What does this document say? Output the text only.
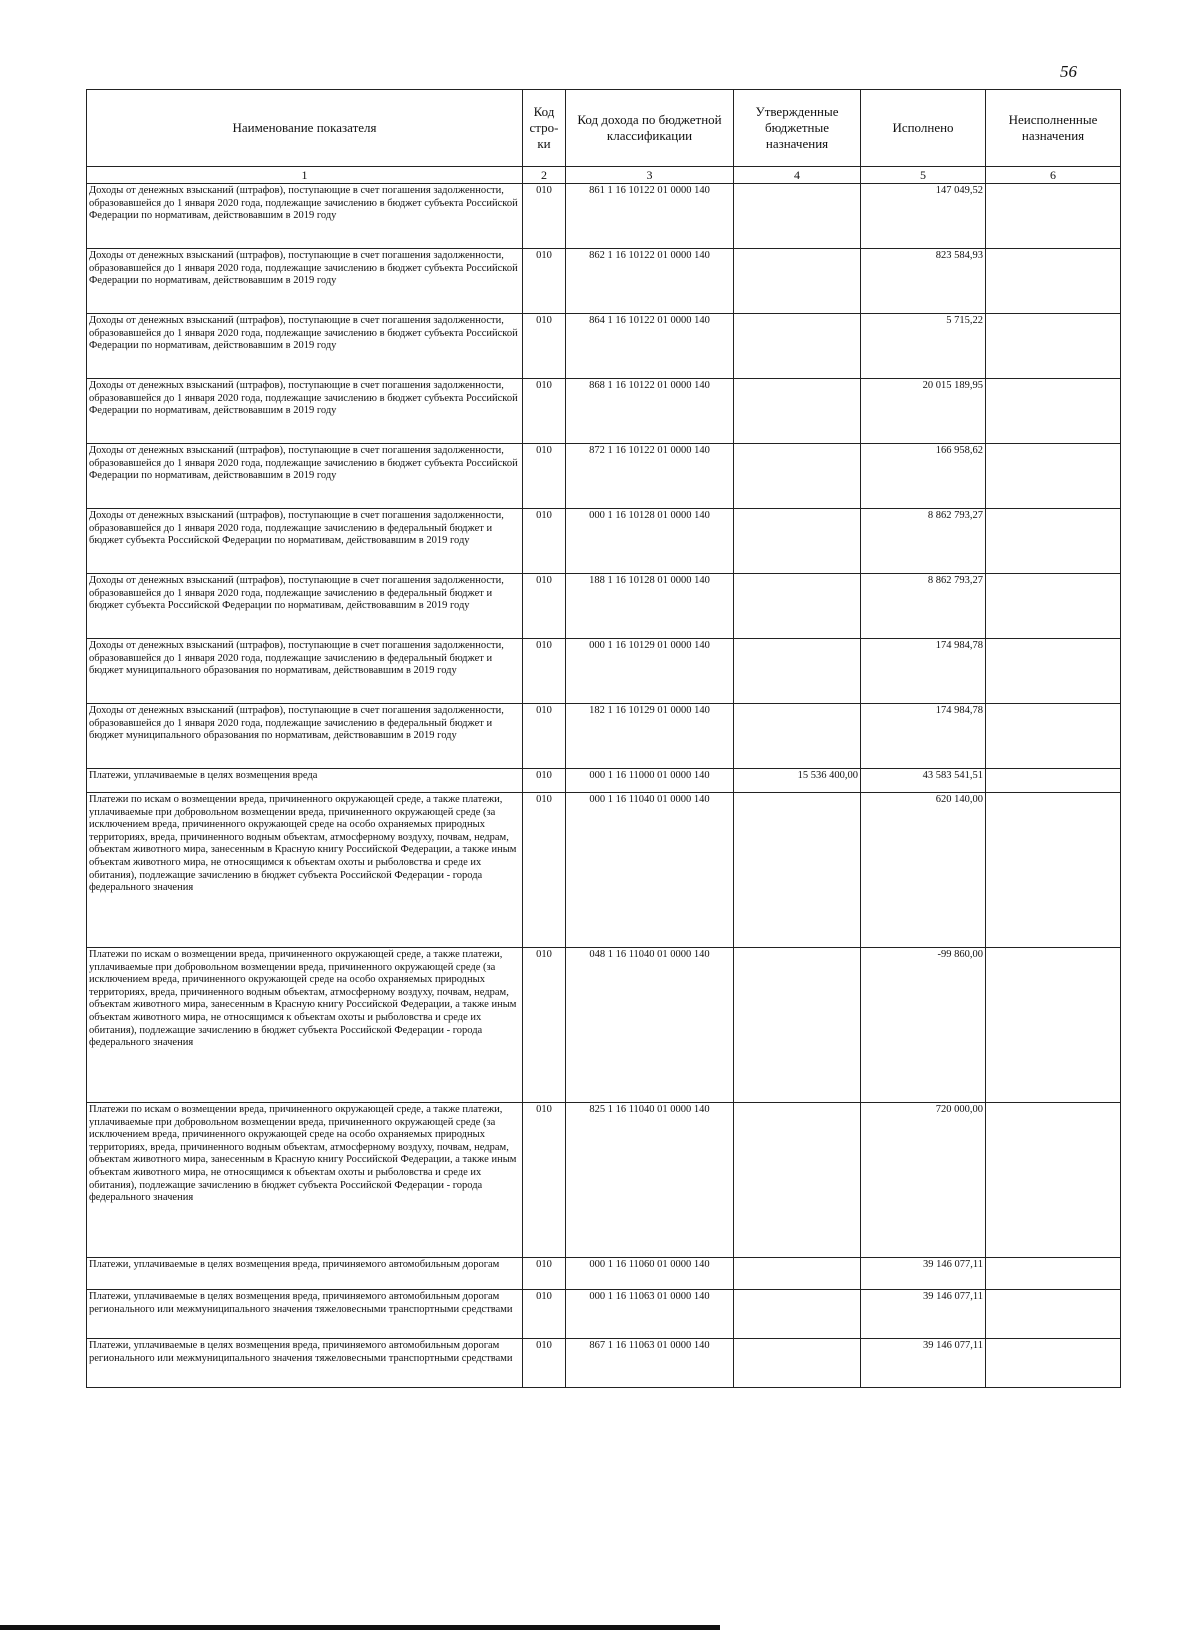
56
Наименование показателя	Код стро-ки	Код дохода по бюджетной классификации	Утвержденные бюджетные назначения	Исполнено	Неисполненные назначения
1	2	3	4	5	6
Доходы от денежных взысканий (штрафов), поступающие в счет погашения задолженности, образовавшейся до 1 января 2020 года, подлежащие зачислению в бюджет субъекта Российской Федерации по нормативам, действовавшим в 2019 году	010	861 1 16 10122 01 0000 140		147 049,52	
Доходы от денежных взысканий (штрафов), поступающие в счет погашения задолженности, образовавшейся до 1 января 2020 года, подлежащие зачислению в бюджет субъекта Российской Федерации по нормативам, действовавшим в 2019 году	010	862 1 16 10122 01 0000 140		823 584,93	
Доходы от денежных взысканий (штрафов), поступающие в счет погашения задолженности, образовавшейся до 1 января 2020 года, подлежащие зачислению в бюджет субъекта Российской Федерации по нормативам, действовавшим в 2019 году	010	864 1 16 10122 01 0000 140		5 715,22	
Доходы от денежных взысканий (штрафов), поступающие в счет погашения задолженности, образовавшейся до 1 января 2020 года, подлежащие зачислению в бюджет субъекта Российской Федерации по нормативам, действовавшим в 2019 году	010	868 1 16 10122 01 0000 140		20 015 189,95	
Доходы от денежных взысканий (штрафов), поступающие в счет погашения задолженности, образовавшейся до 1 января 2020 года, подлежащие зачислению в бюджет субъекта Российской Федерации по нормативам, действовавшим в 2019 году	010	872 1 16 10122 01 0000 140		166 958,62	
Доходы от денежных взысканий (штрафов), поступающие в счет погашения задолженности, образовавшейся до 1 января 2020 года, подлежащие зачислению в федеральный бюджет и бюджет субъекта Российской Федерации по нормативам, действовавшим в 2019 году	010	000 1 16 10128 01 0000 140		8 862 793,27	
Доходы от денежных взысканий (штрафов), поступающие в счет погашения задолженности, образовавшейся до 1 января 2020 года, подлежащие зачислению в федеральный бюджет и бюджет субъекта Российской Федерации по нормативам, действовавшим в 2019 году	010	188 1 16 10128 01 0000 140		8 862 793,27	
Доходы от денежных взысканий (штрафов), поступающие в счет погашения задолженности, образовавшейся до 1 января 2020 года, подлежащие зачислению в федеральный бюджет и бюджет муниципального образования по нормативам, действовавшим в 2019 году	010	000 1 16 10129 01 0000 140		174 984,78	
Доходы от денежных взысканий (штрафов), поступающие в счет погашения задолженности, образовавшейся до 1 января 2020 года, подлежащие зачислению в федеральный бюджет и бюджет муниципального образования по нормативам, действовавшим в 2019 году	010	182 1 16 10129 01 0000 140		174 984,78	
Платежи, уплачиваемые в целях возмещения вреда	010	000 1 16 11000 01 0000 140	15 536 400,00	43 583 541,51	
Платежи по искам о возмещении вреда, причиненного окружающей среде, а также платежи, уплачиваемые при добровольном возмещении вреда, причиненного окружающей среде (за исключением вреда, причиненного окружающей среде на особо охраняемых природных территориях, вреда, причиненного водным объектам, атмосферному воздуху, почвам, недрам, объектам животного мира, занесенным в Красную книгу Российской Федерации, а также иным объектам животного мира, не относящимся к объектам охоты и рыболовства и среде их обитания), подлежащие зачислению в бюджет субъекта Российской Федерации - города федерального значения	010	000 1 16 11040 01 0000 140		620 140,00	
Платежи по искам о возмещении вреда, причиненного окружающей среде, а также платежи, уплачиваемые при добровольном возмещении вреда, причиненного окружающей среде (за исключением вреда, причиненного окружающей среде на особо охраняемых природных территориях, вреда, причиненного водным объектам, атмосферному воздуху, почвам, недрам, объектам животного мира, занесенным в Красную книгу Российской Федерации, а также иным объектам животного мира, не относящимся к объектам охоты и рыболовства и среде их обитания), подлежащие зачислению в бюджет субъекта Российской Федерации - города федерального значения	010	048 1 16 11040 01 0000 140		-99 860,00	
Платежи по искам о возмещении вреда, причиненного окружающей среде, а также платежи, уплачиваемые при добровольном возмещении вреда, причиненного окружающей среде (за исключением вреда, причиненного окружающей среде на особо охраняемых природных территориях, вреда, причиненного водным объектам, атмосферному воздуху, почвам, недрам, объектам животного мира, занесенным в Красную книгу Российской Федерации, а также иным объектам животного мира, не относящимся к объектам охоты и рыболовства и среде их обитания), подлежащие зачислению в бюджет субъекта Российской Федерации - города федерального значения	010	825 1 16 11040 01 0000 140		720 000,00	
Платежи, уплачиваемые в целях возмещения вреда, причиняемого автомобильным дорогам	010	000 1 16 11060 01 0000 140		39 146 077,11	
Платежи, уплачиваемые в целях возмещения вреда, причиняемого автомобильным дорогам регионального или межмуниципального значения тяжеловесными транспортными средствами	010	000 1 16 11063 01 0000 140		39 146 077,11	
Платежи, уплачиваемые в целях возмещения вреда, причиняемого автомобильным дорогам регионального или межмуниципального значения тяжеловесными транспортными средствами	010	867 1 16 11063 01 0000 140		39 146 077,11	
